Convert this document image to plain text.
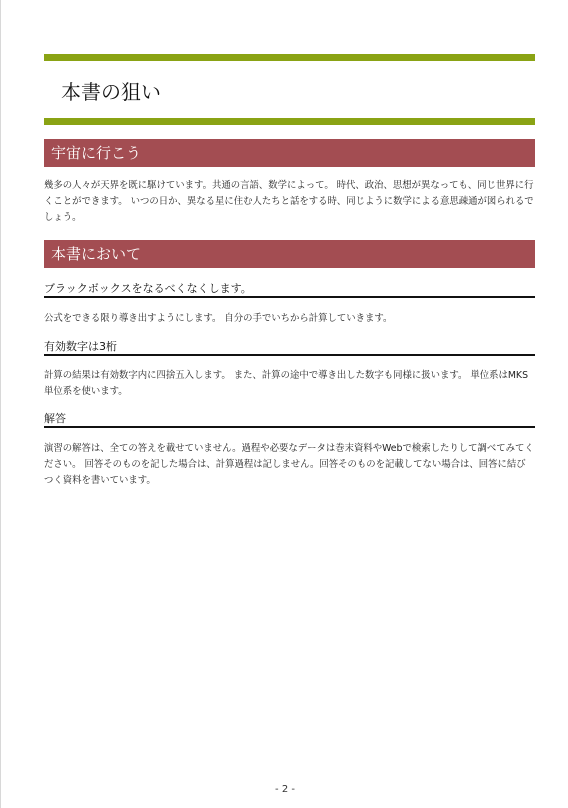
本書の狙い
宇宙に行こう

幾多の人々が天界を既に駆けています。共通の言語、数学によって。 時代、政治、思想が異なっても、同じ世界に行くことができます。 いつの日か、異なる星に住む人たちと話をする時、同じように数学による意思疎通が図られるでしょう。

本書において
ブラックボックスをなるべくなくします。

公式をできる限り導き出すようにします。 自分の手でいちから計算していきます。

有効数字は3桁

計算の結果は有効数字内に四捨五入します。 また、計算の途中で導き出した数字も同様に扱います。 単位系はMKS単位系を使います。

解答

演習の解答は、全ての答えを載せていません。過程や必要なデータは巻末資料やWebで検索したりして調べてみてください。 回答そのものを記した場合は、計算過程は記しません。回答そのものを記載してない場合は、回答に結びつく資料を書いています。

- 2 -
